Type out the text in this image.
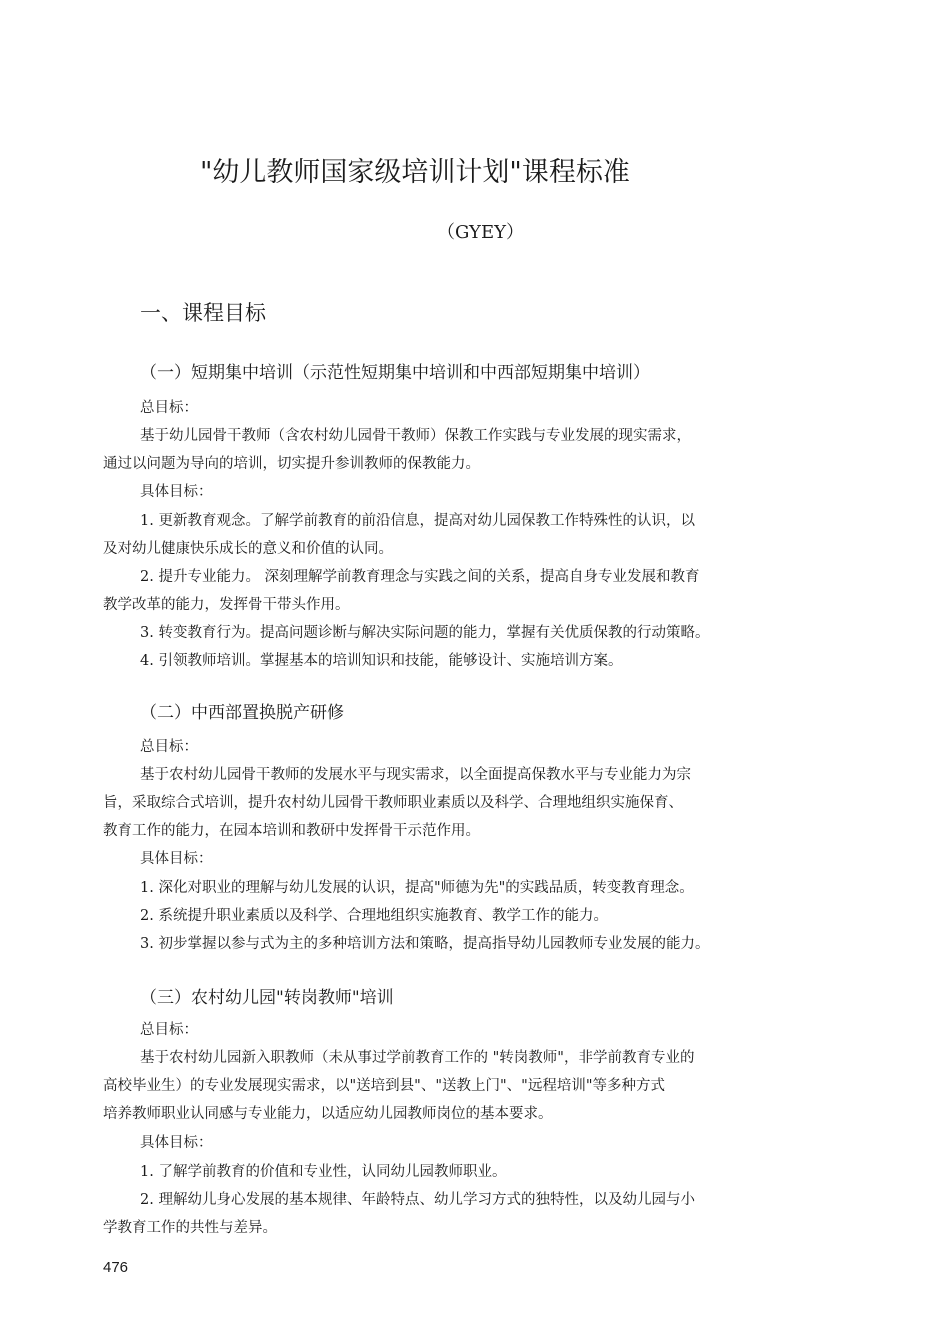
"幼儿教师国家级培训计划"课程标准
（GYEY）
一、课程目标
（一）短期集中培训（示范性短期集中培训和中西部短期集中培训）
总目标：
基于幼儿园骨干教师（含农村幼儿园骨干教师）保教工作实践与专业发展的现实需求，
通过以问题为导向的培训，切实提升参训教师的保教能力。
具体目标：
1. 更新教育观念。了解学前教育的前沿信息，提高对幼儿园保教工作特殊性的认识，以
及对幼儿健康快乐成长的意义和价值的认同。
2. 提升专业能力。 深刻理解学前教育理念与实践之间的关系，提高自身专业发展和教育
教学改革的能力，发挥骨干带头作用。
3. 转变教育行为。提高问题诊断与解决实际问题的能力，掌握有关优质保教的行动策略。
4. 引领教师培训。掌握基本的培训知识和技能，能够设计、实施培训方案。
（二）中西部置换脱产研修
总目标：
基于农村幼儿园骨干教师的发展水平与现实需求，以全面提高保教水平与专业能力为宗
旨，采取综合式培训，提升农村幼儿园骨干教师职业素质以及科学、合理地组织实施保育、
教育工作的能力，在园本培训和教研中发挥骨干示范作用。
具体目标：
1. 深化对职业的理解与幼儿发展的认识，提高"师德为先"的实践品质，转变教育理念。
2. 系统提升职业素质以及科学、合理地组织实施教育、教学工作的能力。
3. 初步掌握以参与式为主的多种培训方法和策略，提高指导幼儿园教师专业发展的能力。
（三）农村幼儿园"转岗教师"培训
总目标：
基于农村幼儿园新入职教师（未从事过学前教育工作的 "转岗教师"，非学前教育专业的
高校毕业生）的专业发展现实需求，以"送培到县"、"送教上门"、"远程培训"等多种方式
培养教师职业认同感与专业能力，以适应幼儿园教师岗位的基本要求。
具体目标：
1. 了解学前教育的价值和专业性，认同幼儿园教师职业。
2. 理解幼儿身心发展的基本规律、年龄特点、幼儿学习方式的独特性，以及幼儿园与小
学教育工作的共性与差异。
476
